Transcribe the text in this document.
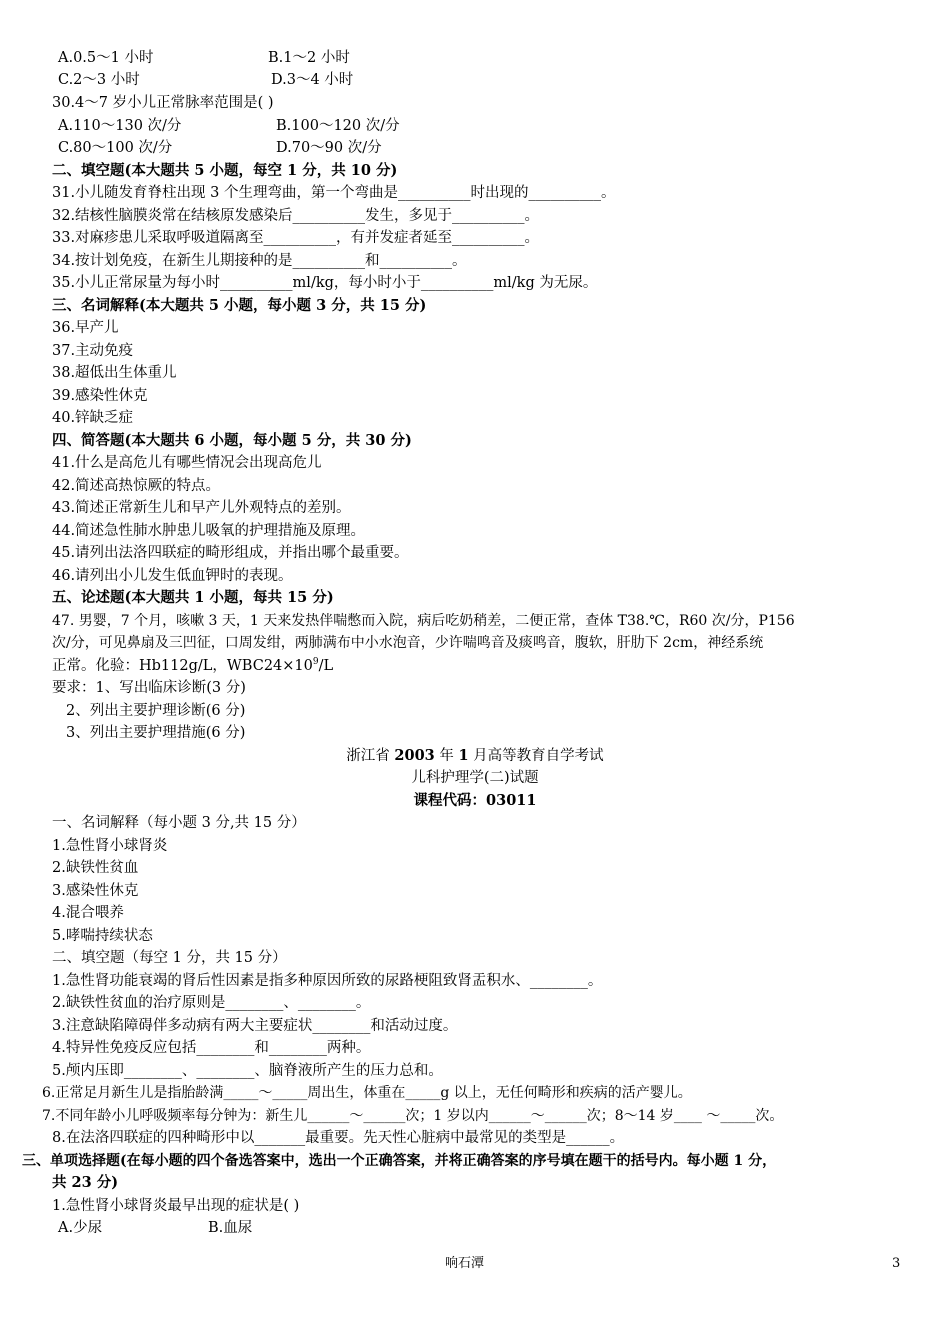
A.0.5～1 小时	B.1～2 小时
C.2～3 小时	D.3～4 小时
30.4～7 岁小儿正常脉率范围是( )
A.110～130 次/分	B.100～120 次/分
C.80～100 次/分	D.70～90 次/分
二、填空题(本大题共 5 小题，每空 1 分，共 10 分)
31.小儿随发育脊柱出现 3 个生理弯曲，第一个弯曲是__________时出现的__________。
32.结核性脑膜炎常在结核原发感染后__________发生，多见于__________。
33.对麻疹患儿采取呼吸道隔离至__________，有并发症者延至__________。
34.按计划免疫，在新生儿期接种的是__________和__________。
35.小儿正常尿量为每小时__________ml/kg，每小时小于__________ml/kg 为无尿。
三、名词解释(本大题共 5 小题，每小题 3 分，共 15 分)
36.早产儿
37.主动免疫
38.超低出生体重儿
39.感染性休克
40.锌缺乏症
四、简答题(本大题共 6 小题，每小题 5 分，共 30 分)
41.什么是高危儿有哪些情况会出现高危儿
42.简述高热惊厥的特点。
43.简述正常新生儿和早产儿外观特点的差别。
44.简述急性肺水肿患儿吸氧的护理措施及原理。
45.请列出法洛四联症的畸形组成，并指出哪个最重要。
46.请列出小儿发生低血钾时的表现。
五、论述题(本大题共 1 小题，每共 15 分)
47. 男婴，7 个月，咳嗽 3 天，1 天来发热伴喘憋而入院，病后吃奶稍差，二便正常，查体 T38.℃，R60 次/分，P156
次/分，可见鼻扇及三凹征，口周发绀，两肺满布中小水泡音，少许喘鸣音及痰鸣音，腹软，肝肋下 2cm，神经系统
正常。化验：Hb112g/L，$WBC24\times 10^9/L$
要求：1、写出临床诊断(3 分)
2、列出主要护理诊断(6 分)
3、列出主要护理措施(6 分)
浙江省 2003 年 1 月高等教育自学考试
儿科护理学(二)试题
课程代码：03011
一、名词解释（每小题 3 分,共 15 分）
1.急性肾小球肾炎
2.缺铁性贫血
3.感染性休克
4.混合喂养
5.哮喘持续状态
二、填空题（每空 1 分，共 15 分）
1.急性肾功能衰竭的肾后性因素是指多种原因所致的尿路梗阻致肾盂积水、________。
2.缺铁性贫血的治疗原则是________、________。
3.注意缺陷障碍伴多动病有两大主要症状________和活动过度。
4.特异性免疫反应包括________和________两种。
5.颅内压即________、________、脑脊液所产生的压力总和。
6.正常足月新生儿是指胎龄满_____～_____周出生，体重在_____g 以上，无任何畸形和疾病的活产婴儿。
7.不同年龄小儿呼吸频率每分钟为：新生儿______～______次；1 岁以内______～______次；8～14 岁____ ～_____次。
8.在法洛四联症的四种畸形中以_______最重要。先天性心脏病中最常见的类型是______。
三、单项选择题(在每小题的四个备选答案中，选出一个正确答案，并将正确答案的序号填在题干的括号内。每小题 1 分，
共 23 分)
1.急性肾小球肾炎最早出现的症状是( )
A.少尿	B.血尿
响石潭	3
